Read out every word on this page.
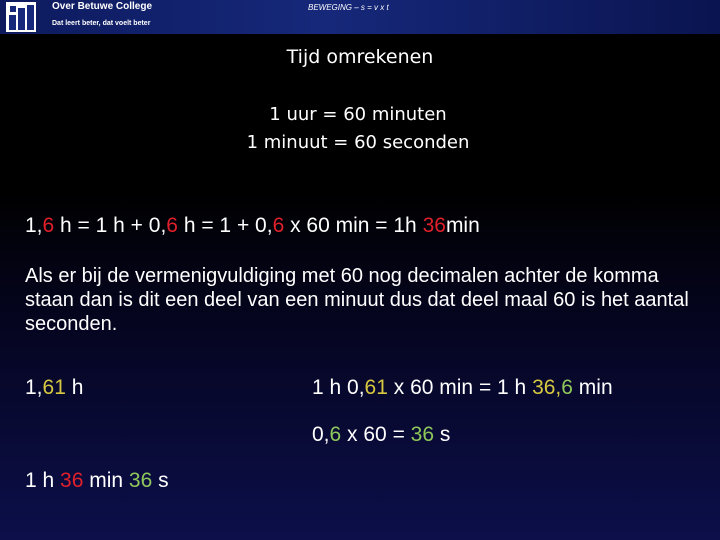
Over Betuwe College
Dat leert beter, dat voelt beter
BEWEGING – s = v x t
Tijd omrekenen
1 uur = 60 minuten
1 minuut = 60 seconden
1,6 h = 1 h + 0,6 h = 1 + 0,6 x 60 min = 1h 36min
Als er bij de vermenigvuldiging met 60 nog decimalen achter de komma staan dan is dit een deel van een minuut dus dat deel maal 60 is het aantal seconden.
1,61 h	1 h 0,61 x 60 min = 1 h 36,6 min
0,6 x 60 = 36 s
1 h 36 min 36 s
